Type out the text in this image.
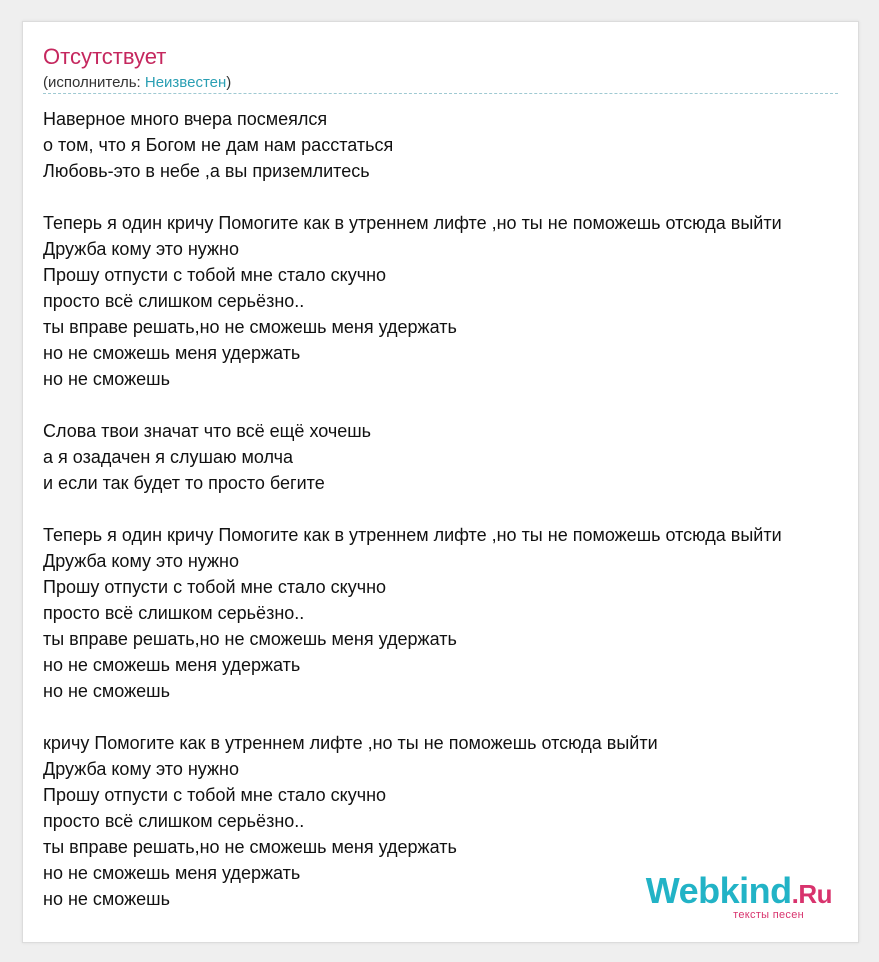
Отсутствует
(исполнитель: Неизвестен)
Наверное много вчера посмеялся
о том, что я Богом не дам нам расстаться
Любовь-это в небе ,а вы приземлитесь
Теперь я один кричу Помогите как в утреннем лифте ,но ты не поможешь отсюда выйти
Дружба кому это нужно
Прошу отпусти с тобой мне стало скучно
просто всё слишком серьёзно..
ты вправе решать,но не сможешь меня удержать
но не сможешь меня удержать
но не сможешь
Слова твои значат что всё ещё хочешь
а я озадачен я слушаю молча
и если так будет то просто бегите
Теперь я один кричу Помогите как в утреннем лифте ,но ты не поможешь отсюда выйти
Дружба кому это нужно
Прошу отпусти с тобой мне стало скучно
просто всё слишком серьёзно..
ты вправе решать,но не сможешь меня удержать
но не сможешь меня удержать
но не сможешь
кричу Помогите как в утреннем лифте ,но ты не поможешь отсюда выйти
Дружба кому это нужно
Прошу отпусти с тобой мне стало скучно
просто всё слишком серьёзно..
ты вправе решать,но не сможешь меня удержать
но не сможешь меня удержать
но не сможешь	Webkind.Ru
тексты песен
